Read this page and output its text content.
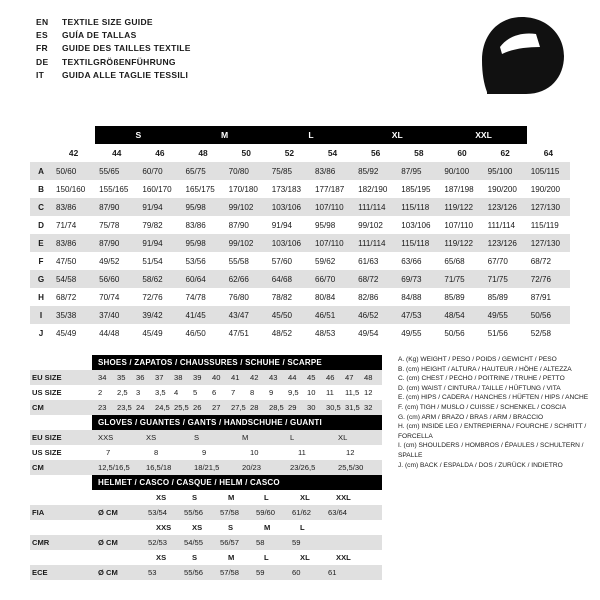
EN	TEXTILE SIZE GUIDE
ES	GUÍA DE TALLAS
FR	GUIDE DES TAILLES TEXTILE
DE	TEXTILGRÖßENFÜHRUNG
IT	GUIDA ALLE TAGLIE TESSILI
		S		M		L		XL		XXL		
	42	44	46	48	50	52	54	56	58	60	62	64
A	50/60	55/65	60/70	65/75	70/80	75/85	83/86	85/92	87/95	90/100	95/100	105/115
B	150/160	155/165	160/170	165/175	170/180	173/183	177/187	182/190	185/195	187/198	190/200	190/200
C	83/86	87/90	91/94	95/98	99/102	103/106	107/110	111/114	115/118	119/122	123/126	127/130
D	71/74	75/78	79/82	83/86	87/90	91/94	95/98	99/102	103/106	107/110	111/114	115/119
E	83/86	87/90	91/94	95/98	99/102	103/106	107/110	111/114	115/118	119/122	123/126	127/130
F	47/50	49/52	51/54	53/56	55/58	57/60	59/62	61/63	63/66	65/68	67/70	68/72
G	54/58	56/60	58/62	60/64	62/66	64/68	66/70	68/72	69/73	71/75	71/75	72/76
H	68/72	70/74	72/76	74/78	76/80	78/82	80/84	82/86	84/88	85/89	85/89	87/91
I	35/38	37/40	39/42	41/45	43/47	45/50	46/51	46/52	47/53	48/54	49/55	50/56
J	45/49	44/48	45/49	46/50	47/51	48/52	48/53	49/54	49/55	50/56	51/56	52/58
SHOES / ZAPATOS / CHAUSSURES / SCHUHE / SCARPE
EU SIZE	34 35 36 37 38 39 40 41 42 43 44 45 46 47 48

US SIZE	2 2,5 3 3,5 4 5 6 7 8 9 9,5 10 11 11,5 12

CM	23 23,5 24 24,5 25,5 26 27 27,5 28 28,5 29 30 30,5 31,5 32

GLOVES / GUANTES / GANTS / HANDSCHUHE / GUANTI
EU SIZE	XXS	XS	S	M	L	XL

US SIZE	7	8	9	10	11	12

CM	12,5/16,5 16,5/18	18/21,5	20/23	23/26,5	25,5/30

HELMET / CASCO / CASQUE / HELM / CASCO

XS	S	M	L	XL	XXL

FIA	Ø CM	53/54 55/56 57/58 59/60 61/62 63/64

	XXS XS S M L

CMR	Ø CM	52/53 54/55 56/57 58	59

XS	S	M	L	XL	XXL

ECE	Ø CM	53	55/56 57/58 59	60	61

A. (Kg) WEIGHT / PESO / POIDS / GEWICHT / PESO
B. (cm) HEIGHT / ALTURA / HAUTEUR / HÖHE / ALTEZZA
C. (cm) CHEST / PECHO / POITRINE / TRUHE / PETTO
D. (cm) WAIST / CINTURA / TAILLE / HÜFTUNG / VITA
E. (cm) HIPS / CADERA / HANCHES / HÜFTEN / HIPS / ANCHE
F. (cm) TIGH / MUSLO / CUISSE / SCHENKEL / COSCIA
G. (cm) ARM / BRAZO / BRAS / ARM / BRACCIO
H. (cm) INSIDE LEG / ENTREPIERNA / FOURCHE / SCHRITT / FORCELLA
I. (cm) SHOULDERS / HOMBROS / ÉPAULES / SCHULTERN / SPALLE
J. (cm) BACK / ESPALDA / DOS / ZURÜCK / INDIETRO
